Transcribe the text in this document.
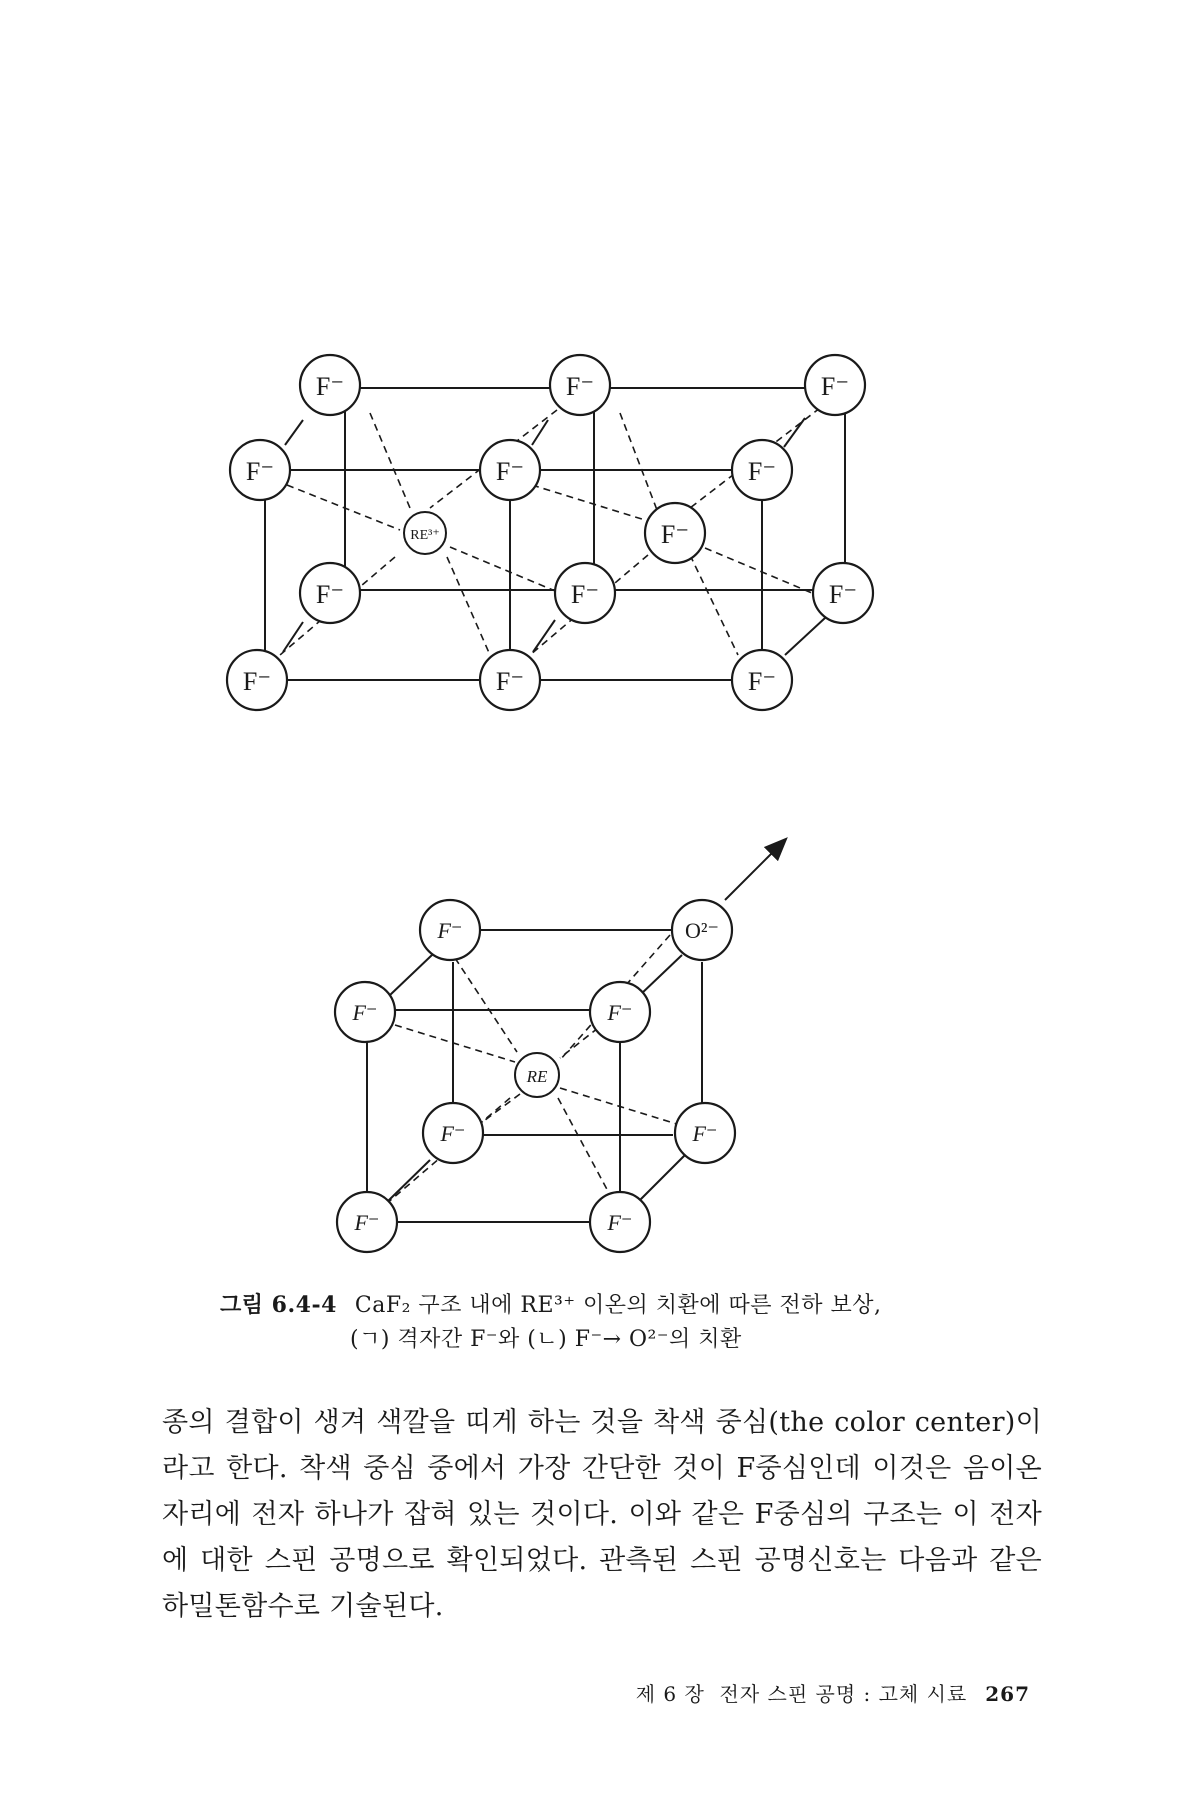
F⁻	F⁻	F⁻
F⁻	F⁻	F⁻
RE³⁺	F⁻
F⁻	F⁻	F⁻
F⁻	F⁻	F⁻
F⁻	O²⁻
F⁻	F⁻
RE
F⁻	F⁻
F⁻	F⁻
그림 6.4-4 CaF₂ 구조 내에 RE³⁺ 이온의 치환에 따른 전하 보상,
(ㄱ) 격자간 F⁻와 (ㄴ) F⁻→ O²⁻의 치환

종의 결합이 생겨 색깔을 띠게 하는 것을 착색 중심(the color center)이라고 한다. 착색 중심 중에서 가장 간단한 것이 F중심인데 이것은 음이온 자리에 전자 하나가 잡혀 있는 것이다. 이와 같은 F중심의 구조는 이 전자에 대한 스핀 공명으로 확인되었다. 관측된 스핀 공명신호는 다음과 같은 하밀톤함수로 기술된다.

제 6 장  전자 스핀 공명 : 고체 시료 267
